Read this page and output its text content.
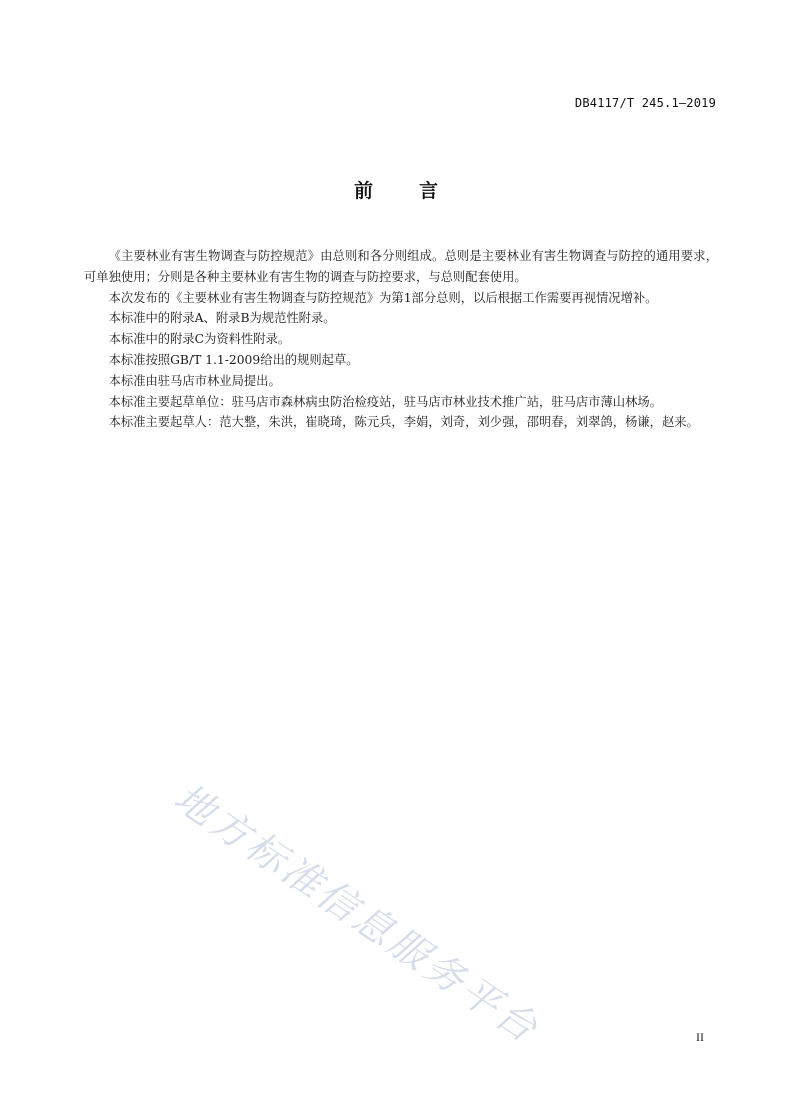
DB4117/T 245.1—2019
前 言

《主要林业有害生物调查与防控规范》由总则和各分则组成。总则是主要林业有害生物调查与防控的通用要求，可单独使用；分则是各种主要林业有害生物的调查与防控要求，与总则配套使用。

本次发布的《主要林业有害生物调查与防控规范》为第1部分总则，以后根据工作需要再视情况增补。

本标准中的附录A、附录B为规范性附录。

本标准中的附录C为资料性附录。

本标准按照GB/T 1.1-2009给出的规则起草。

本标准由驻马店市林业局提出。

本标准主要起草单位：驻马店市森林病虫防治检疫站，驻马店市林业技术推广站，驻马店市薄山林场。

本标准主要起草人：范大整，朱洪，崔晓琦，陈元兵，李娟，刘奇，刘少强，邵明春，刘翠鸽，杨谦，赵来。

地方标准信息服务平台	II
